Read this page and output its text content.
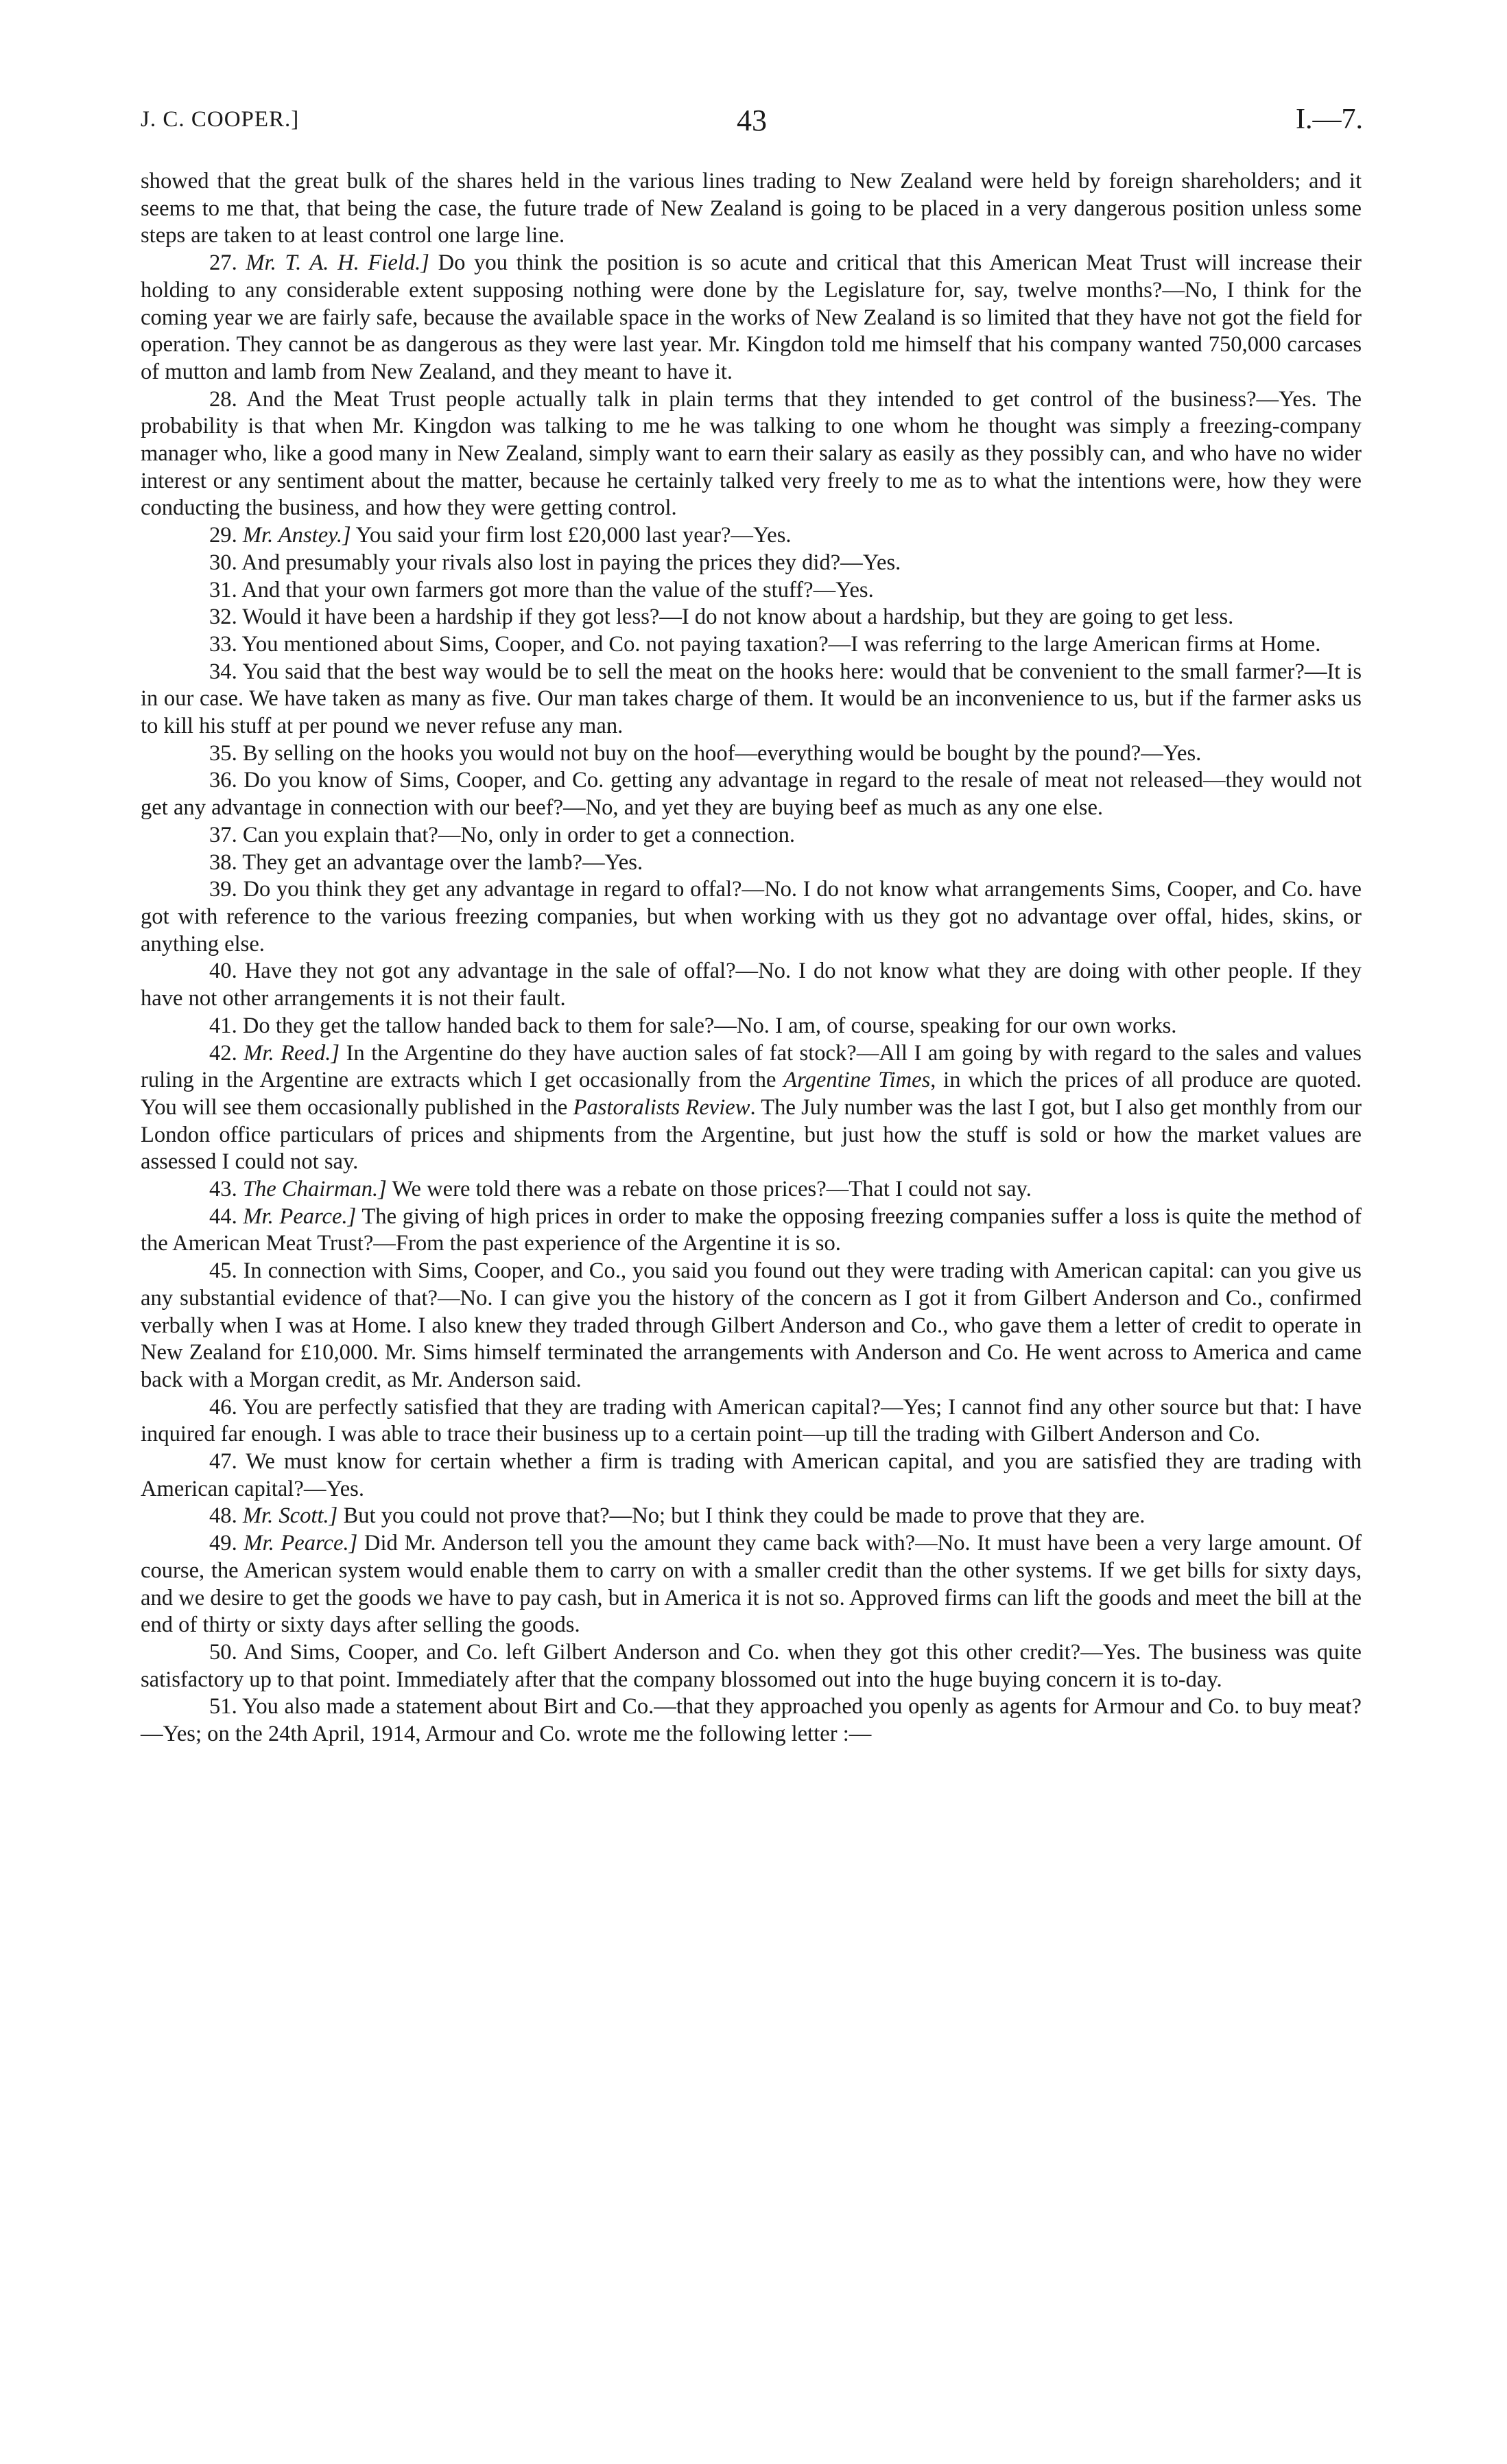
J. C. COOPER.]	43	I.—7.

showed that the great bulk of the shares held in the various lines trading to New Zealand were held by foreign shareholders; and it seems to me that, that being the case, the future trade of New Zealand is going to be placed in a very dangerous position unless some steps are taken to at least control one large line.

27. Mr. T. A. H. Field.] Do you think the position is so acute and critical that this American Meat Trust will increase their holding to any considerable extent supposing nothing were done by the Legislature for, say, twelve months?—No, I think for the coming year we are fairly safe, because the available space in the works of New Zealand is so limited that they have not got the field for operation. They cannot be as dangerous as they were last year. Mr. Kingdon told me himself that his company wanted 750,000 carcases of mutton and lamb from New Zealand, and they meant to have it.

28. And the Meat Trust people actually talk in plain terms that they intended to get control of the business?—Yes. The probability is that when Mr. Kingdon was talking to me he was talking to one whom he thought was simply a freezing-company manager who, like a good many in New Zealand, simply want to earn their salary as easily as they possibly can, and who have no wider interest or any sentiment about the matter, because he certainly talked very freely to me as to what the intentions were, how they were conducting the business, and how they were getting control.

29. Mr. Anstey.] You said your firm lost £20,000 last year?—Yes.

30. And presumably your rivals also lost in paying the prices they did?—Yes.

31. And that your own farmers got more than the value of the stuff?—Yes.

32. Would it have been a hardship if they got less?—I do not know about a hardship, but they are going to get less.

33. You mentioned about Sims, Cooper, and Co. not paying taxation?—I was referring to the large American firms at Home.

34. You said that the best way would be to sell the meat on the hooks here: would that be convenient to the small farmer?—It is in our case. We have taken as many as five. Our man takes charge of them. It would be an inconvenience to us, but if the farmer asks us to kill his stuff at per pound we never refuse any man.

35. By selling on the hooks you would not buy on the hoof—everything would be bought by the pound?—Yes.

36. Do you know of Sims, Cooper, and Co. getting any advantage in regard to the resale of meat not released—they would not get any advantage in connection with our beef?—No, and yet they are buying beef as much as any one else.

37. Can you explain that?—No, only in order to get a connection.

38. They get an advantage over the lamb?—Yes.

39. Do you think they get any advantage in regard to offal?—No. I do not know what arrangements Sims, Cooper, and Co. have got with reference to the various freezing companies, but when working with us they got no advantage over offal, hides, skins, or anything else.

40. Have they not got any advantage in the sale of offal?—No. I do not know what they are doing with other people. If they have not other arrangements it is not their fault.

41. Do they get the tallow handed back to them for sale?—No. I am, of course, speaking for our own works.

42. Mr. Reed.] In the Argentine do they have auction sales of fat stock?—All I am going by with regard to the sales and values ruling in the Argentine are extracts which I get occasionally from the Argentine Times, in which the prices of all produce are quoted. You will see them occasionally published in the Pastoralists Review. The July number was the last I got, but I also get monthly from our London office particulars of prices and shipments from the Argentine, but just how the stuff is sold or how the market values are assessed I could not say.

43. The Chairman.] We were told there was a rebate on those prices?—That I could not say.

44. Mr. Pearce.] The giving of high prices in order to make the opposing freezing companies suffer a loss is quite the method of the American Meat Trust?—From the past experience of the Argentine it is so.

45. In connection with Sims, Cooper, and Co., you said you found out they were trading with American capital: can you give us any substantial evidence of that?—No. I can give you the history of the concern as I got it from Gilbert Anderson and Co., confirmed verbally when I was at Home. I also knew they traded through Gilbert Anderson and Co., who gave them a letter of credit to operate in New Zealand for £10,000. Mr. Sims himself terminated the arrangements with Anderson and Co. He went across to America and came back with a Morgan credit, as Mr. Anderson said.

46. You are perfectly satisfied that they are trading with American capital?—Yes; I cannot find any other source but that: I have inquired far enough. I was able to trace their business up to a certain point—up till the trading with Gilbert Anderson and Co.

47. We must know for certain whether a firm is trading with American capital, and you are satisfied they are trading with American capital?—Yes.

48. Mr. Scott.] But you could not prove that?—No; but I think they could be made to prove that they are.

49. Mr. Pearce.] Did Mr. Anderson tell you the amount they came back with?—No. It must have been a very large amount. Of course, the American system would enable them to carry on with a smaller credit than the other systems. If we get bills for sixty days, and we desire to get the goods we have to pay cash, but in America it is not so. Approved firms can lift the goods and meet the bill at the end of thirty or sixty days after selling the goods.

50. And Sims, Cooper, and Co. left Gilbert Anderson and Co. when they got this other credit?—Yes. The business was quite satisfactory up to that point. Immediately after that the company blossomed out into the huge buying concern it is to-day.

51. You also made a statement about Birt and Co.—that they approached you openly as agents for Armour and Co. to buy meat?—Yes; on the 24th April, 1914, Armour and Co. wrote me the following letter :—
